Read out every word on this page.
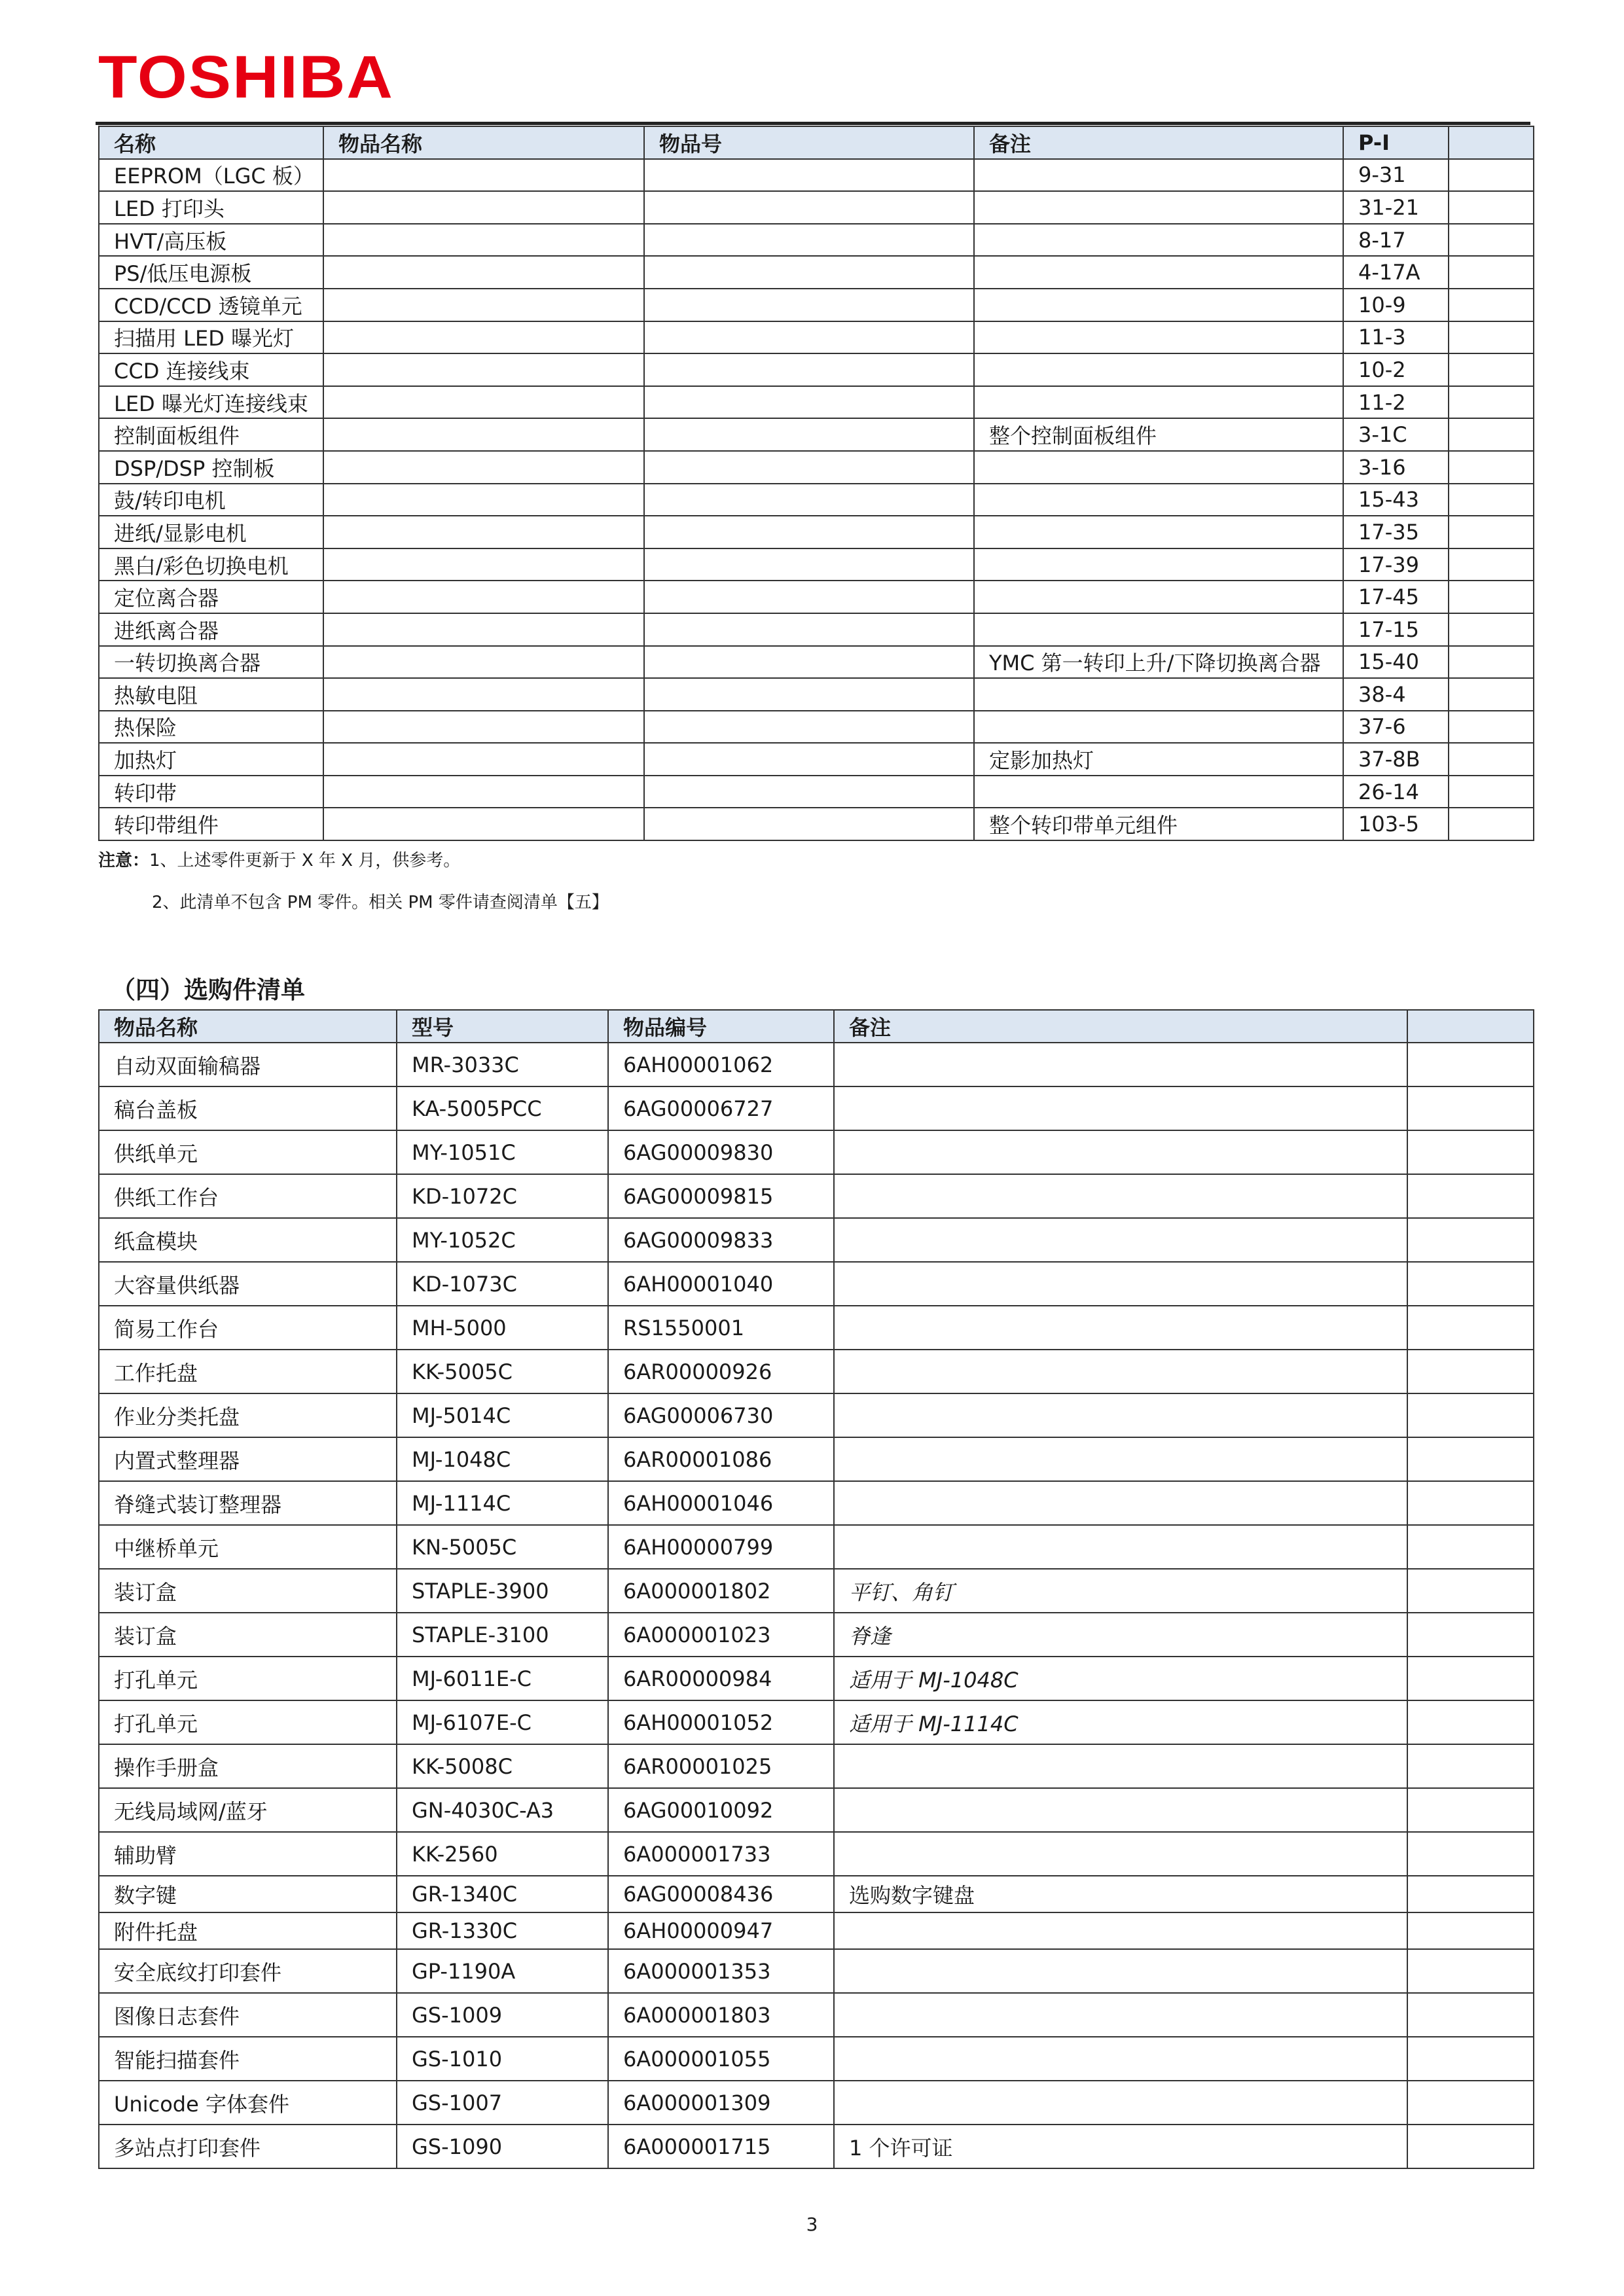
TOSHIBA
名称	物品名称	物品号	备注	P-I	
EEPROM（LGC 板）				9-31	
LED 打印头				31-21	
HVT/高压板				8-17	
PS/低压电源板				4-17A	
CCD/CCD 透镜单元				10-9	
扫描用 LED 曝光灯				11-3	
CCD 连接线束				10-2	
LED 曝光灯连接线束				11-2	
控制面板组件			整个控制面板组件	3-1C	
DSP/DSP 控制板				3-16	
鼓/转印电机				15-43	
进纸/显影电机				17-35	
黑白/彩色切换电机				17-39	
定位离合器				17-45	
进纸离合器				17-15	
一转切换离合器			YMC 第一转印上升/下降切换离合器	15-40	
热敏电阻				38-4	
热保险				37-6	
加热灯			定影加热灯	37-8B	
转印带				26-14	
转印带组件			整个转印带单元组件	103-5	
注意：1、上述零件更新于 X 年 X 月，供参考。
2、此清单不包含 PM 零件。相关 PM 零件请查阅清单【五】
（四）选购件清单
物品名称	型号	物品编号	备注	
自动双面输稿器	MR-3033C	6AH00001062		
稿台盖板	KA-5005PCC	6AG00006727		
供纸单元	MY-1051C	6AG00009830		
供纸工作台	KD-1072C	6AG00009815		
纸盒模块	MY-1052C	6AG00009833		
大容量供纸器	KD-1073C	6AH00001040		
简易工作台	MH-5000	RS1550001		
工作托盘	KK-5005C	6AR00000926		
作业分类托盘	MJ-5014C	6AG00006730		
内置式整理器	MJ-1048C	6AR00001086		
脊缝式装订整理器	MJ-1114C	6AH00001046		
中继桥单元	KN-5005C	6AH00000799		
装订盒	STAPLE-3900	6A000001802	平钉、角钉	
装订盒	STAPLE-3100	6A000001023	脊逢	
打孔单元	MJ-6011E-C	6AR00000984	适用于 MJ-1048C	
打孔单元	MJ-6107E-C	6AH00001052	适用于 MJ-1114C	
操作手册盒	KK-5008C	6AR00001025		
无线局域网/蓝牙	GN-4030C-A3	6AG00010092		
辅助臂	KK-2560	6A000001733		
数字键	GR-1340C	6AG00008436	选购数字键盘	
附件托盘	GR-1330C	6AH00000947		
安全底纹打印套件	GP-1190A	6A000001353		
图像日志套件	GS-1009	6A000001803		
智能扫描套件	GS-1010	6A000001055		
Unicode 字体套件	GS-1007	6A000001309		
多站点打印套件	GS-1090	6A000001715	1 个许可证	
3
